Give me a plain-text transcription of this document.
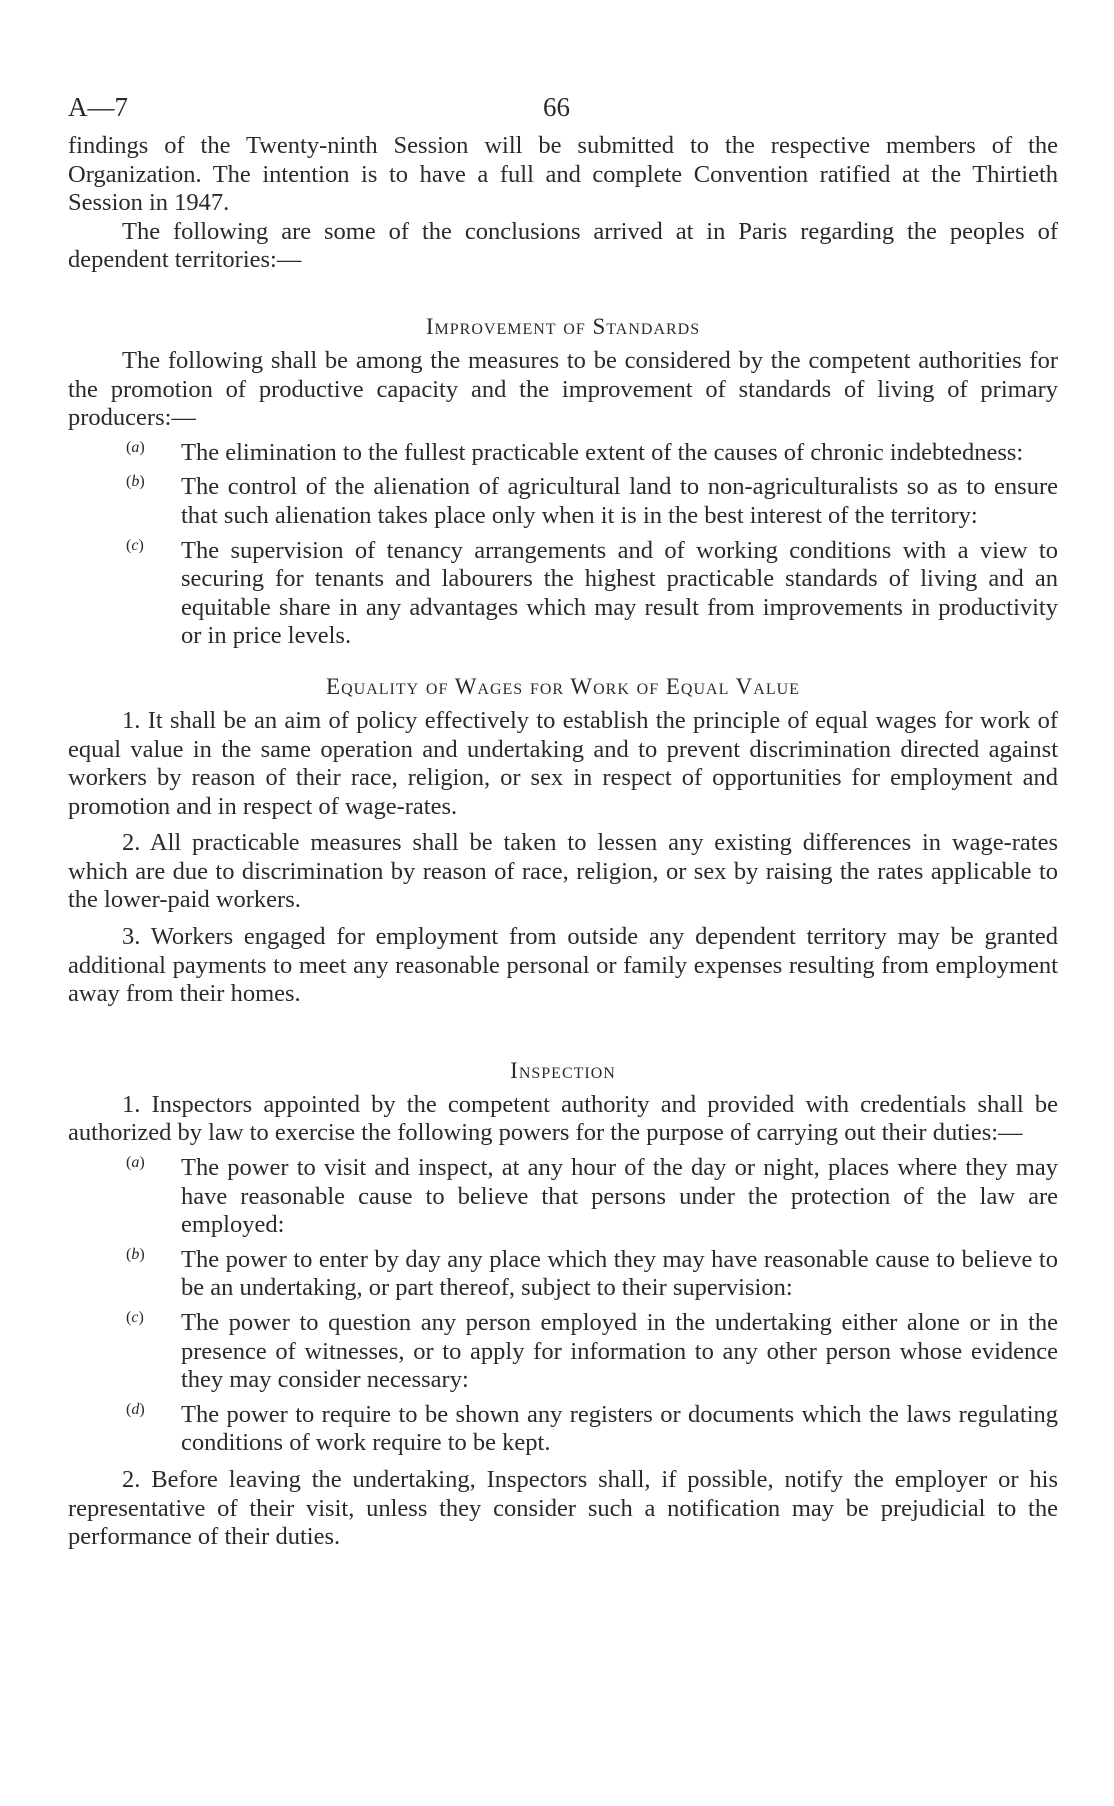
A—7	66

findings of the Twenty-ninth Session will be submitted to the respective members of the Organization. The intention is to have a full and complete Convention ratified at the Thirtieth Session in 1947.

The following are some of the conclusions arrived at in Paris regarding the peoples of dependent territories:—

Improvement of Standards

The following shall be among the measures to be considered by the competent authorities for the promotion of productive capacity and the improvement of standards of living of primary producers:—

(a) The elimination to the fullest practicable extent of the causes of chronic indebtedness:

(b) The control of the alienation of agricultural land to non-agriculturalists so as to ensure that such alienation takes place only when it is in the best interest of the territory:

(c) The supervision of tenancy arrangements and of working conditions with a view to securing for tenants and labourers the highest practicable standards of living and an equitable share in any advantages which may result from improvements in productivity or in price levels.

Equality of Wages for Work of Equal Value

1. It shall be an aim of policy effectively to establish the principle of equal wages for work of equal value in the same operation and undertaking and to prevent discrimination directed against workers by reason of their race, religion, or sex in respect of opportunities for employment and promotion and in respect of wage-rates.

2. All practicable measures shall be taken to lessen any existing differences in wage-rates which are due to discrimination by reason of race, religion, or sex by raising the rates applicable to the lower-paid workers.

3. Workers engaged for employment from outside any dependent territory may be granted additional payments to meet any reasonable personal or family expenses resulting from employment away from their homes.

Inspection

1. Inspectors appointed by the competent authority and provided with credentials shall be authorized by law to exercise the following powers for the purpose of carrying out their duties:—

(a) The power to visit and inspect, at any hour of the day or night, places where they may have reasonable cause to believe that persons under the protection of the law are employed:

(b) The power to enter by day any place which they may have reasonable cause to believe to be an undertaking, or part thereof, subject to their supervision:

(c) The power to question any person employed in the undertaking either alone or in the presence of witnesses, or to apply for information to any other person whose evidence they may consider necessary:

(d) The power to require to be shown any registers or documents which the laws regulating conditions of work require to be kept.

2. Before leaving the undertaking, Inspectors shall, if possible, notify the employer or his representative of their visit, unless they consider such a notification may be prejudicial to the performance of their duties.
